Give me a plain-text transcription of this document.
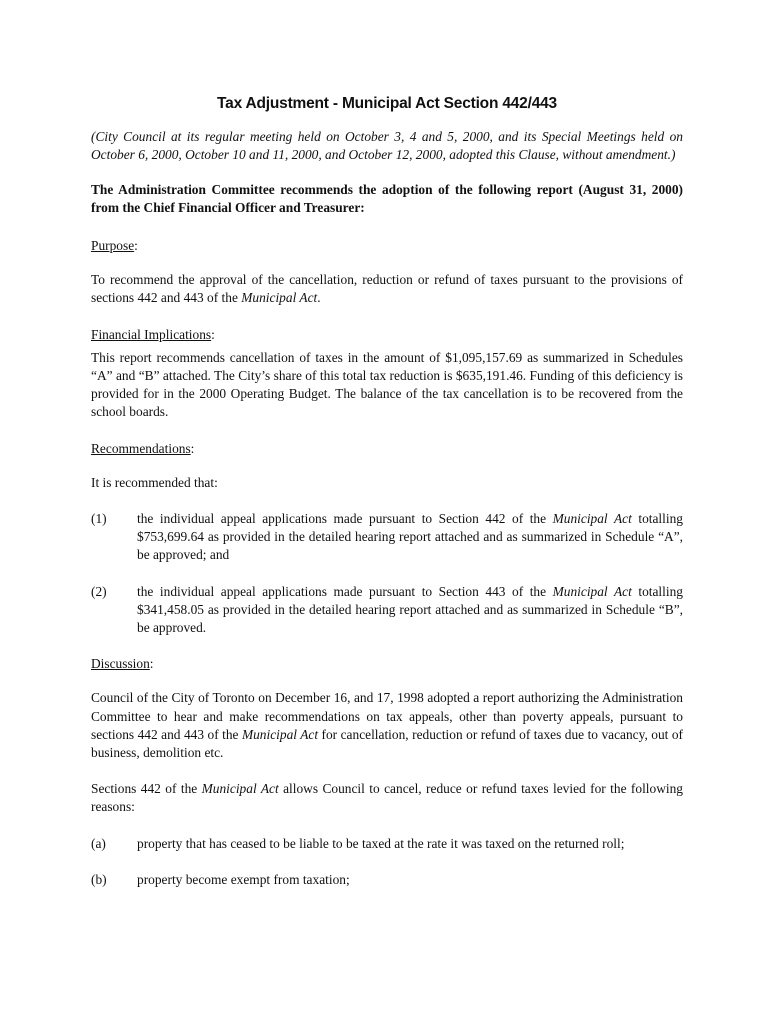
Tax Adjustment - Municipal Act Section 442/443

(City Council at its regular meeting held on October 3, 4 and 5, 2000, and its Special Meetings held on October 6, 2000, October 10 and 11, 2000, and October 12, 2000, adopted this Clause, without amendment.)

The Administration Committee recommends the adoption of the following report (August 31, 2000) from the Chief Financial Officer and Treasurer:

Purpose:

To recommend the approval of the cancellation, reduction or refund of taxes pursuant to the provisions of sections 442 and 443 of the Municipal Act.

Financial Implications:

This report recommends cancellation of taxes in the amount of $1,095,157.69 as summarized in Schedules “A” and “B” attached. The City’s share of this total tax reduction is $635,191.46. Funding of this deficiency is provided for in the 2000 Operating Budget. The balance of the tax cancellation is to be recovered from the school boards.

Recommendations:

It is recommended that:

(1)	the individual appeal applications made pursuant to Section 442 of the Municipal Act totalling $753,699.64 as provided in the detailed hearing report attached and as summarized in Schedule “A”, be approved; and
(2)	the individual appeal applications made pursuant to Section 443 of the Municipal Act totalling $341,458.05 as provided in the detailed hearing report attached and as summarized in Schedule “B”, be approved.

Discussion:

Council of the City of Toronto on December 16, and 17, 1998 adopted a report authorizing the Administration Committee to hear and make recommendations on tax appeals, other than poverty appeals, pursuant to sections 442 and 443 of the Municipal Act for cancellation, reduction or refund of taxes due to vacancy, out of business, demolition etc.

Sections 442 of the Municipal Act allows Council to cancel, reduce or refund taxes levied for the following reasons:

(a)	property that has ceased to be liable to be taxed at the rate it was taxed on the returned roll;
(b)	property become exempt from taxation;
